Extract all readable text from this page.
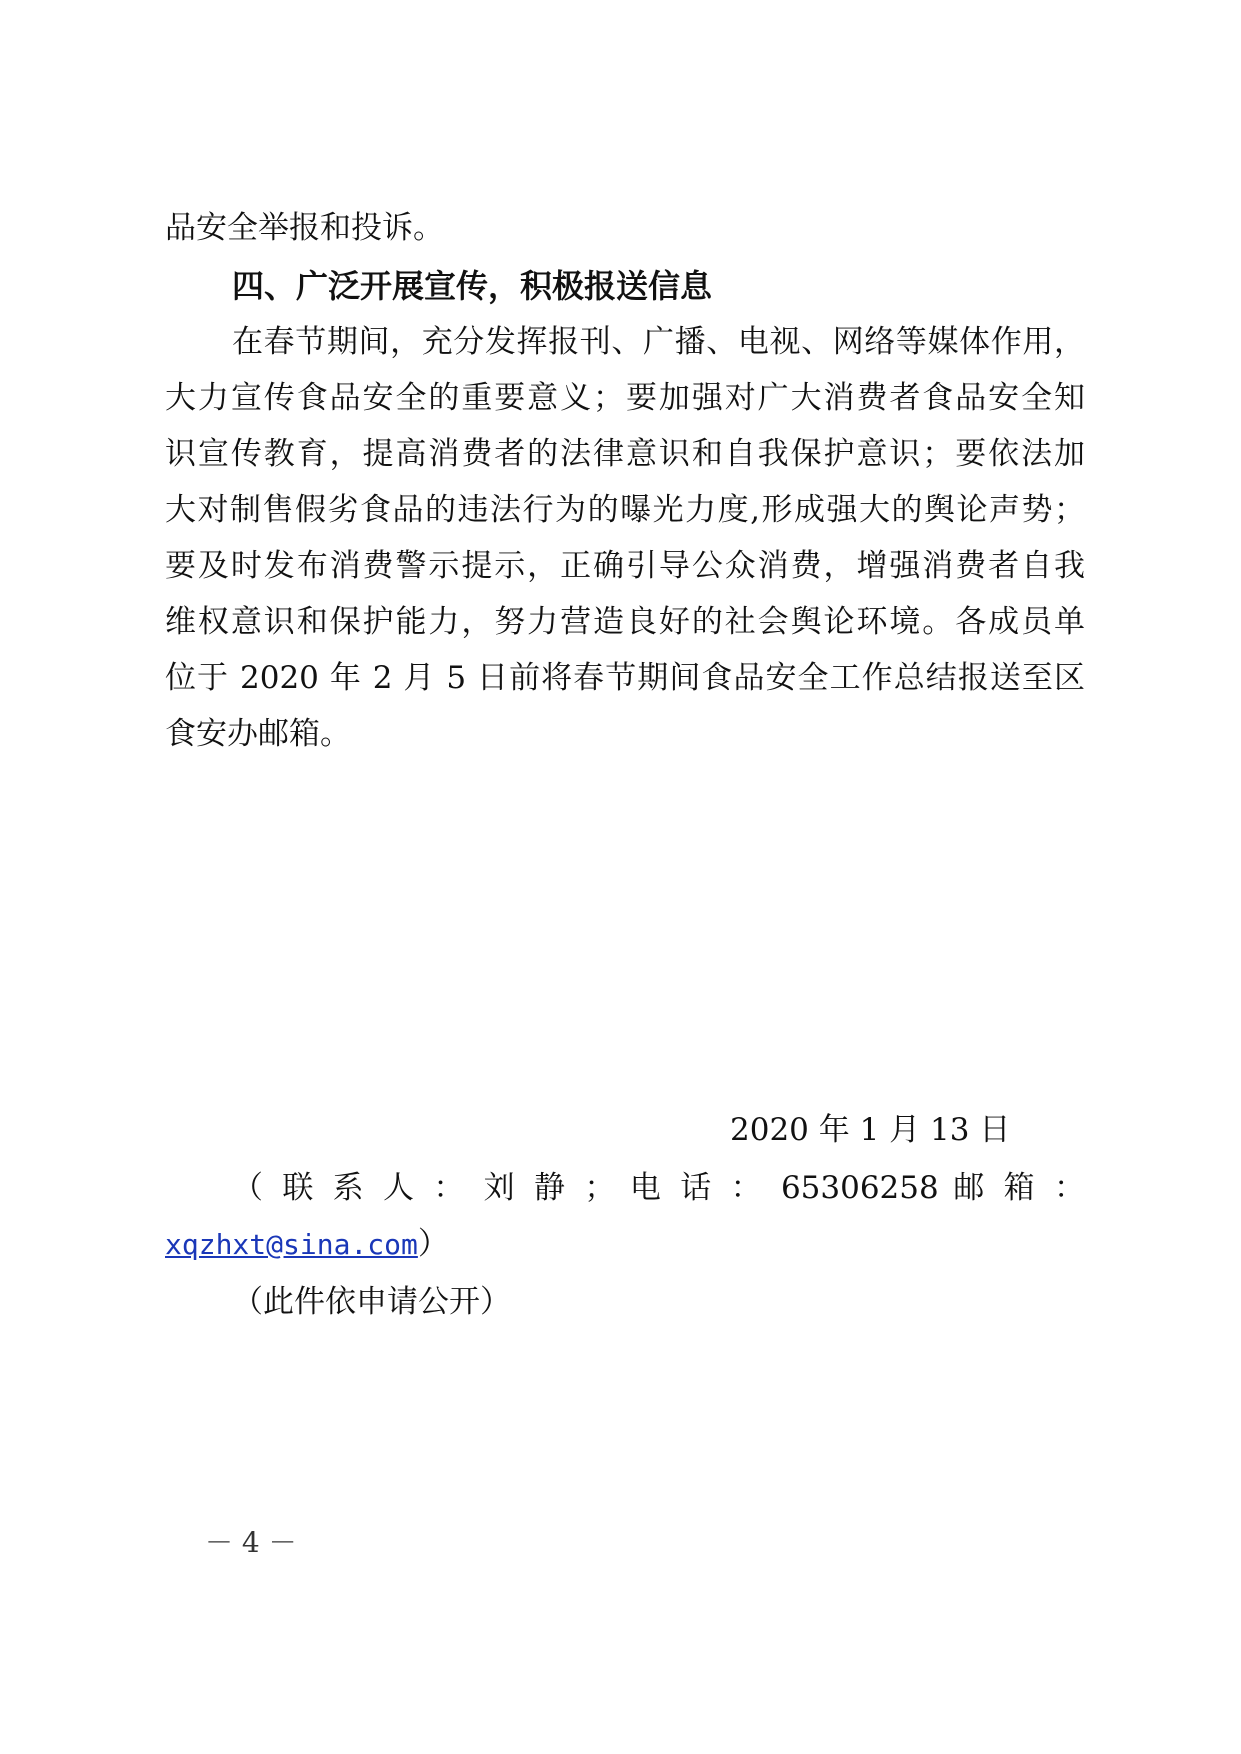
品安全举报和投诉。
四、广泛开展宣传，积极报送信息
在春节期间，充分发挥报刊、广播、电视、网络等媒体作用，
大力宣传食品安全的重要意义；要加强对广大消费者食品安全知
识宣传教育，提高消费者的法律意识和自我保护意识；要依法加
大对制售假劣食品的违法行为的曝光力度,形成强大的舆论声势；
要及时发布消费警示提示，正确引导公众消费，增强消费者自我
维权意识和保护能力，努力营造良好的社会舆论环境。各成员单
位于 2020 年 2 月 5 日前将春节期间食品安全工作总结报送至区
食安办邮箱。
2020 年 1 月 13 日
（ 联 系 人 ： 刘 静 ； 电 话 ： 65306258 邮 箱 ：
xqzhxt@sina.com）
（此件依申请公开）
－ 4 －
